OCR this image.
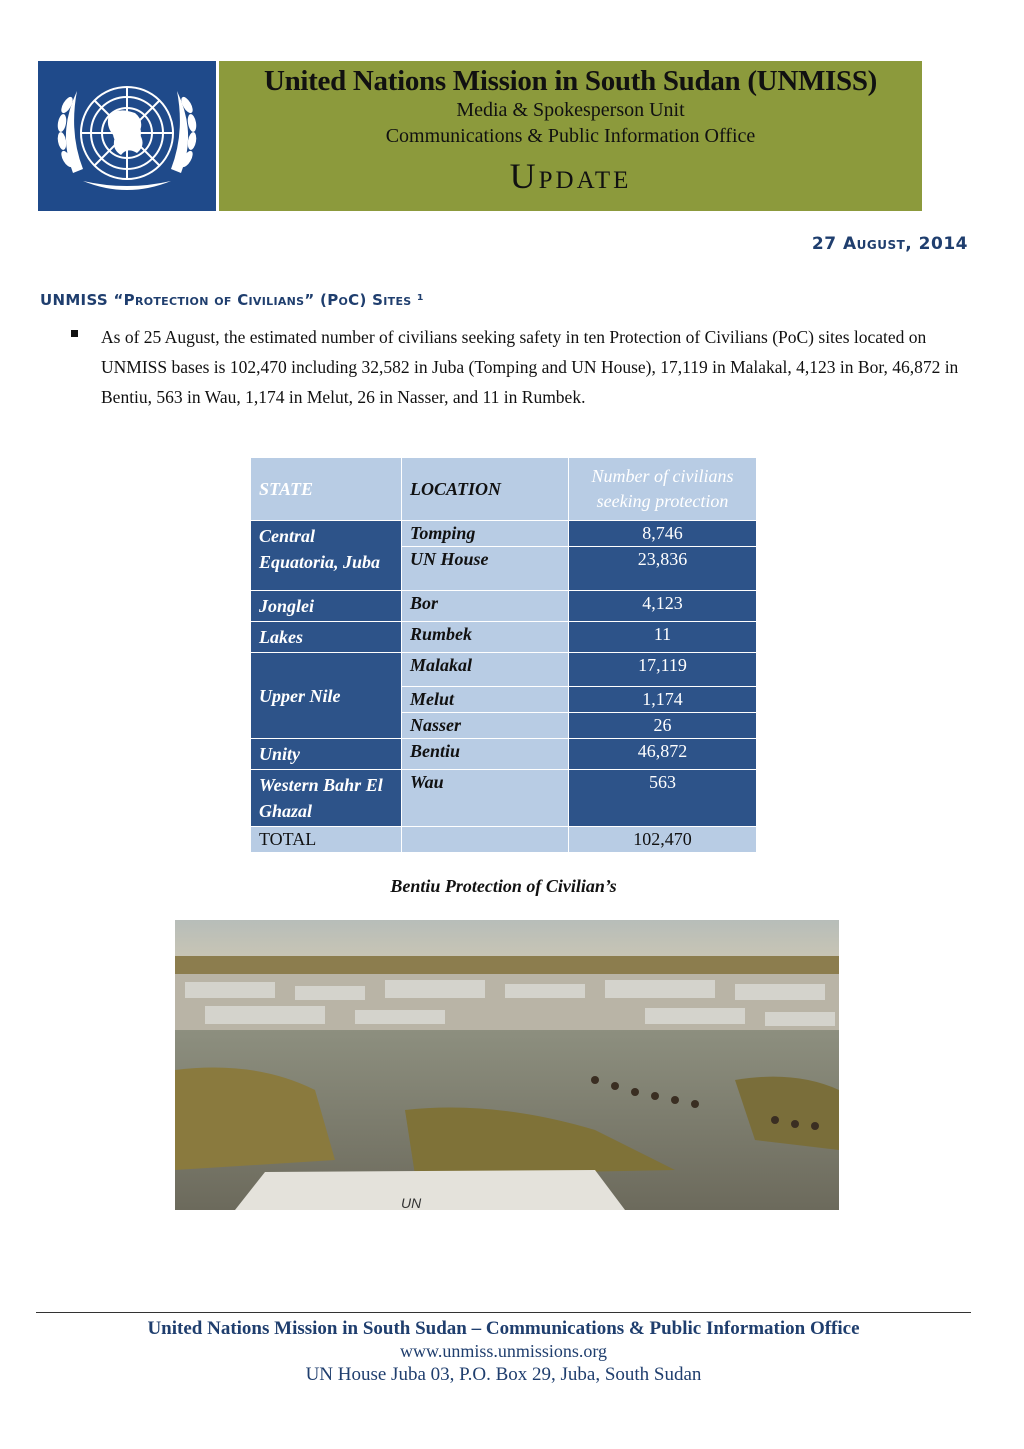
United Nations Mission in South Sudan (UNMISS)
Media & Spokesperson Unit
Communications & Public Information Office
Update
27 August, 2014
UNMISS “Protection of Civilians” (PoC) Sites ¹
As of 25 August, the estimated number of civilians seeking safety in ten Protection of Civilians (PoC) sites located on UNMISS bases is 102,470 including 32,582 in Juba (Tomping and UN House), 17,119 in Malakal, 4,123 in Bor, 46,872 in Bentiu, 563 in Wau, 1,174 in Melut, 26 in Nasser, and 11 in Rumbek.
STATE	LOCATION	Number of civilians seeking protection
Central Equatoria, Juba	Tomping	8,746
	UN House	23,836
Jonglei	Bor	4,123
Lakes	Rumbek	11
Upper Nile	Malakal	17,119
	Melut	1,174
	Nasser	26
Unity	Bentiu	46,872
Western Bahr El Ghazal	Wau	563
TOTAL		102,470
Bentiu Protection of Civilian’s
UN
United Nations Mission in South Sudan – Communications & Public Information Office
www.unmiss.unmissions.org
UN House Juba 03, P.O. Box 29, Juba, South Sudan
